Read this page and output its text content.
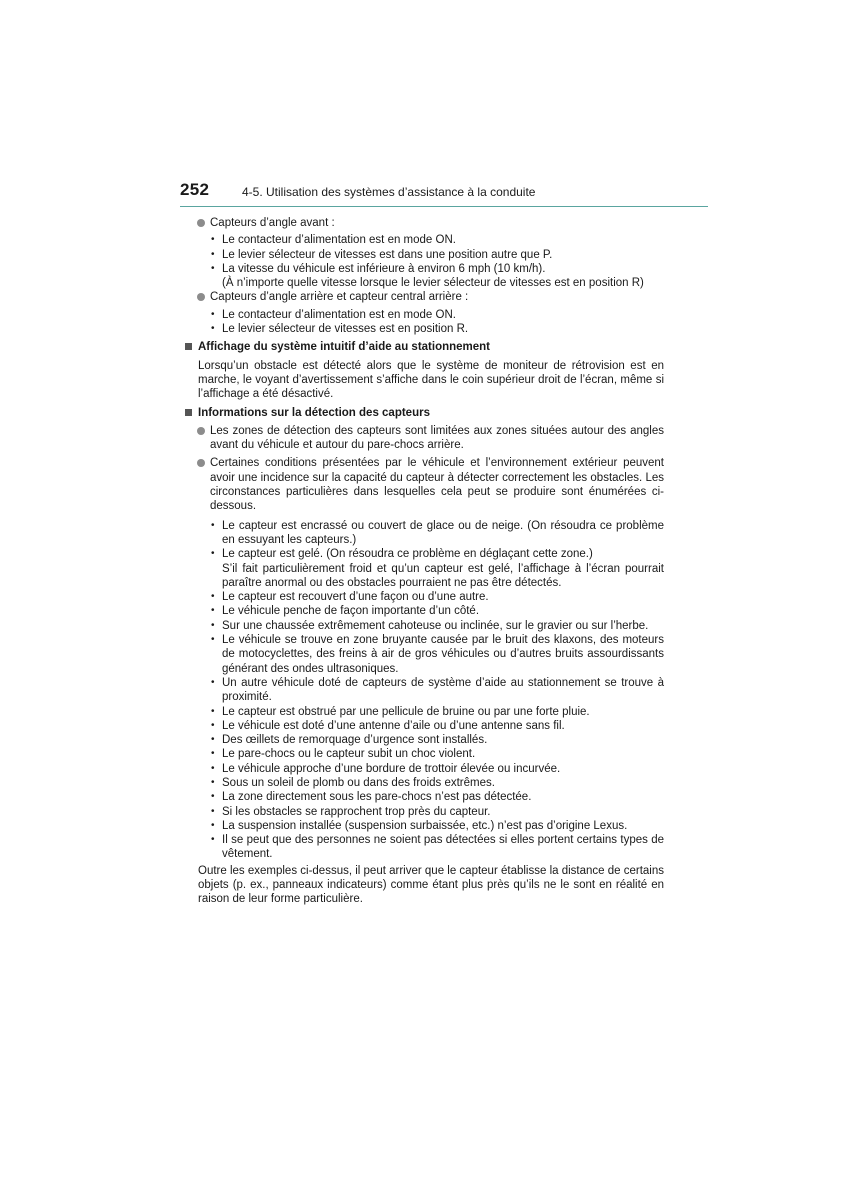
252	4-5. Utilisation des systèmes d’assistance à la conduite
Capteurs d’angle avant :
• Le contacteur d’alimentation est en mode ON.
• Le levier sélecteur de vitesses est dans une position autre que P.
• La vitesse du véhicule est inférieure à environ 6 mph (10 km/h).
(À n’importe quelle vitesse lorsque le levier sélecteur de vitesses est en position R)
Capteurs d’angle arrière et capteur central arrière :
• Le contacteur d’alimentation est en mode ON.
• Le levier sélecteur de vitesses est en position R.
Affichage du système intuitif d’aide au stationnement
Lorsqu’un obstacle est détecté alors que le système de moniteur de rétrovision est en marche, le voyant d’avertissement s’affiche dans le coin supérieur droit de l’écran, même si l’affichage a été désactivé.
Informations sur la détection des capteurs
Les zones de détection des capteurs sont limitées aux zones situées autour des angles avant du véhicule et autour du pare-chocs arrière.
Certaines conditions présentées par le véhicule et l’environnement extérieur peuvent avoir une incidence sur la capacité du capteur à détecter correctement les obstacles. Les circonstances particulières dans lesquelles cela peut se produire sont énumérées ci-dessous.
• Le capteur est encrassé ou couvert de glace ou de neige. (On résoudra ce problème en essuyant les capteurs.)
• Le capteur est gelé. (On résoudra ce problème en déglaçant cette zone.)
S’il fait particulièrement froid et qu’un capteur est gelé, l’affichage à l’écran pourrait paraître anormal ou des obstacles pourraient ne pas être détectés.
• Le capteur est recouvert d’une façon ou d’une autre.
• Le véhicule penche de façon importante d’un côté.
• Sur une chaussée extrêmement cahoteuse ou inclinée, sur le gravier ou sur l’herbe.
• Le véhicule se trouve en zone bruyante causée par le bruit des klaxons, des moteurs de motocyclettes, des freins à air de gros véhicules ou d’autres bruits assourdissants générant des ondes ultrasoniques.
• Un autre véhicule doté de capteurs de système d’aide au stationnement se trouve à proximité.
• Le capteur est obstrué par une pellicule de bruine ou par une forte pluie.
• Le véhicule est doté d’une antenne d’aile ou d’une antenne sans fil.
• Des œillets de remorquage d’urgence sont installés.
• Le pare-chocs ou le capteur subit un choc violent.
• Le véhicule approche d’une bordure de trottoir élevée ou incurvée.
• Sous un soleil de plomb ou dans des froids extrêmes.
• La zone directement sous les pare-chocs n’est pas détectée.
• Si les obstacles se rapprochent trop près du capteur.
• La suspension installée (suspension surbaissée, etc.) n’est pas d’origine Lexus.
• Il se peut que des personnes ne soient pas détectées si elles portent certains types de vêtement.
Outre les exemples ci-dessus, il peut arriver que le capteur établisse la distance de certains objets (p. ex., panneaux indicateurs) comme étant plus près qu’ils ne le sont en réalité en raison de leur forme particulière.
